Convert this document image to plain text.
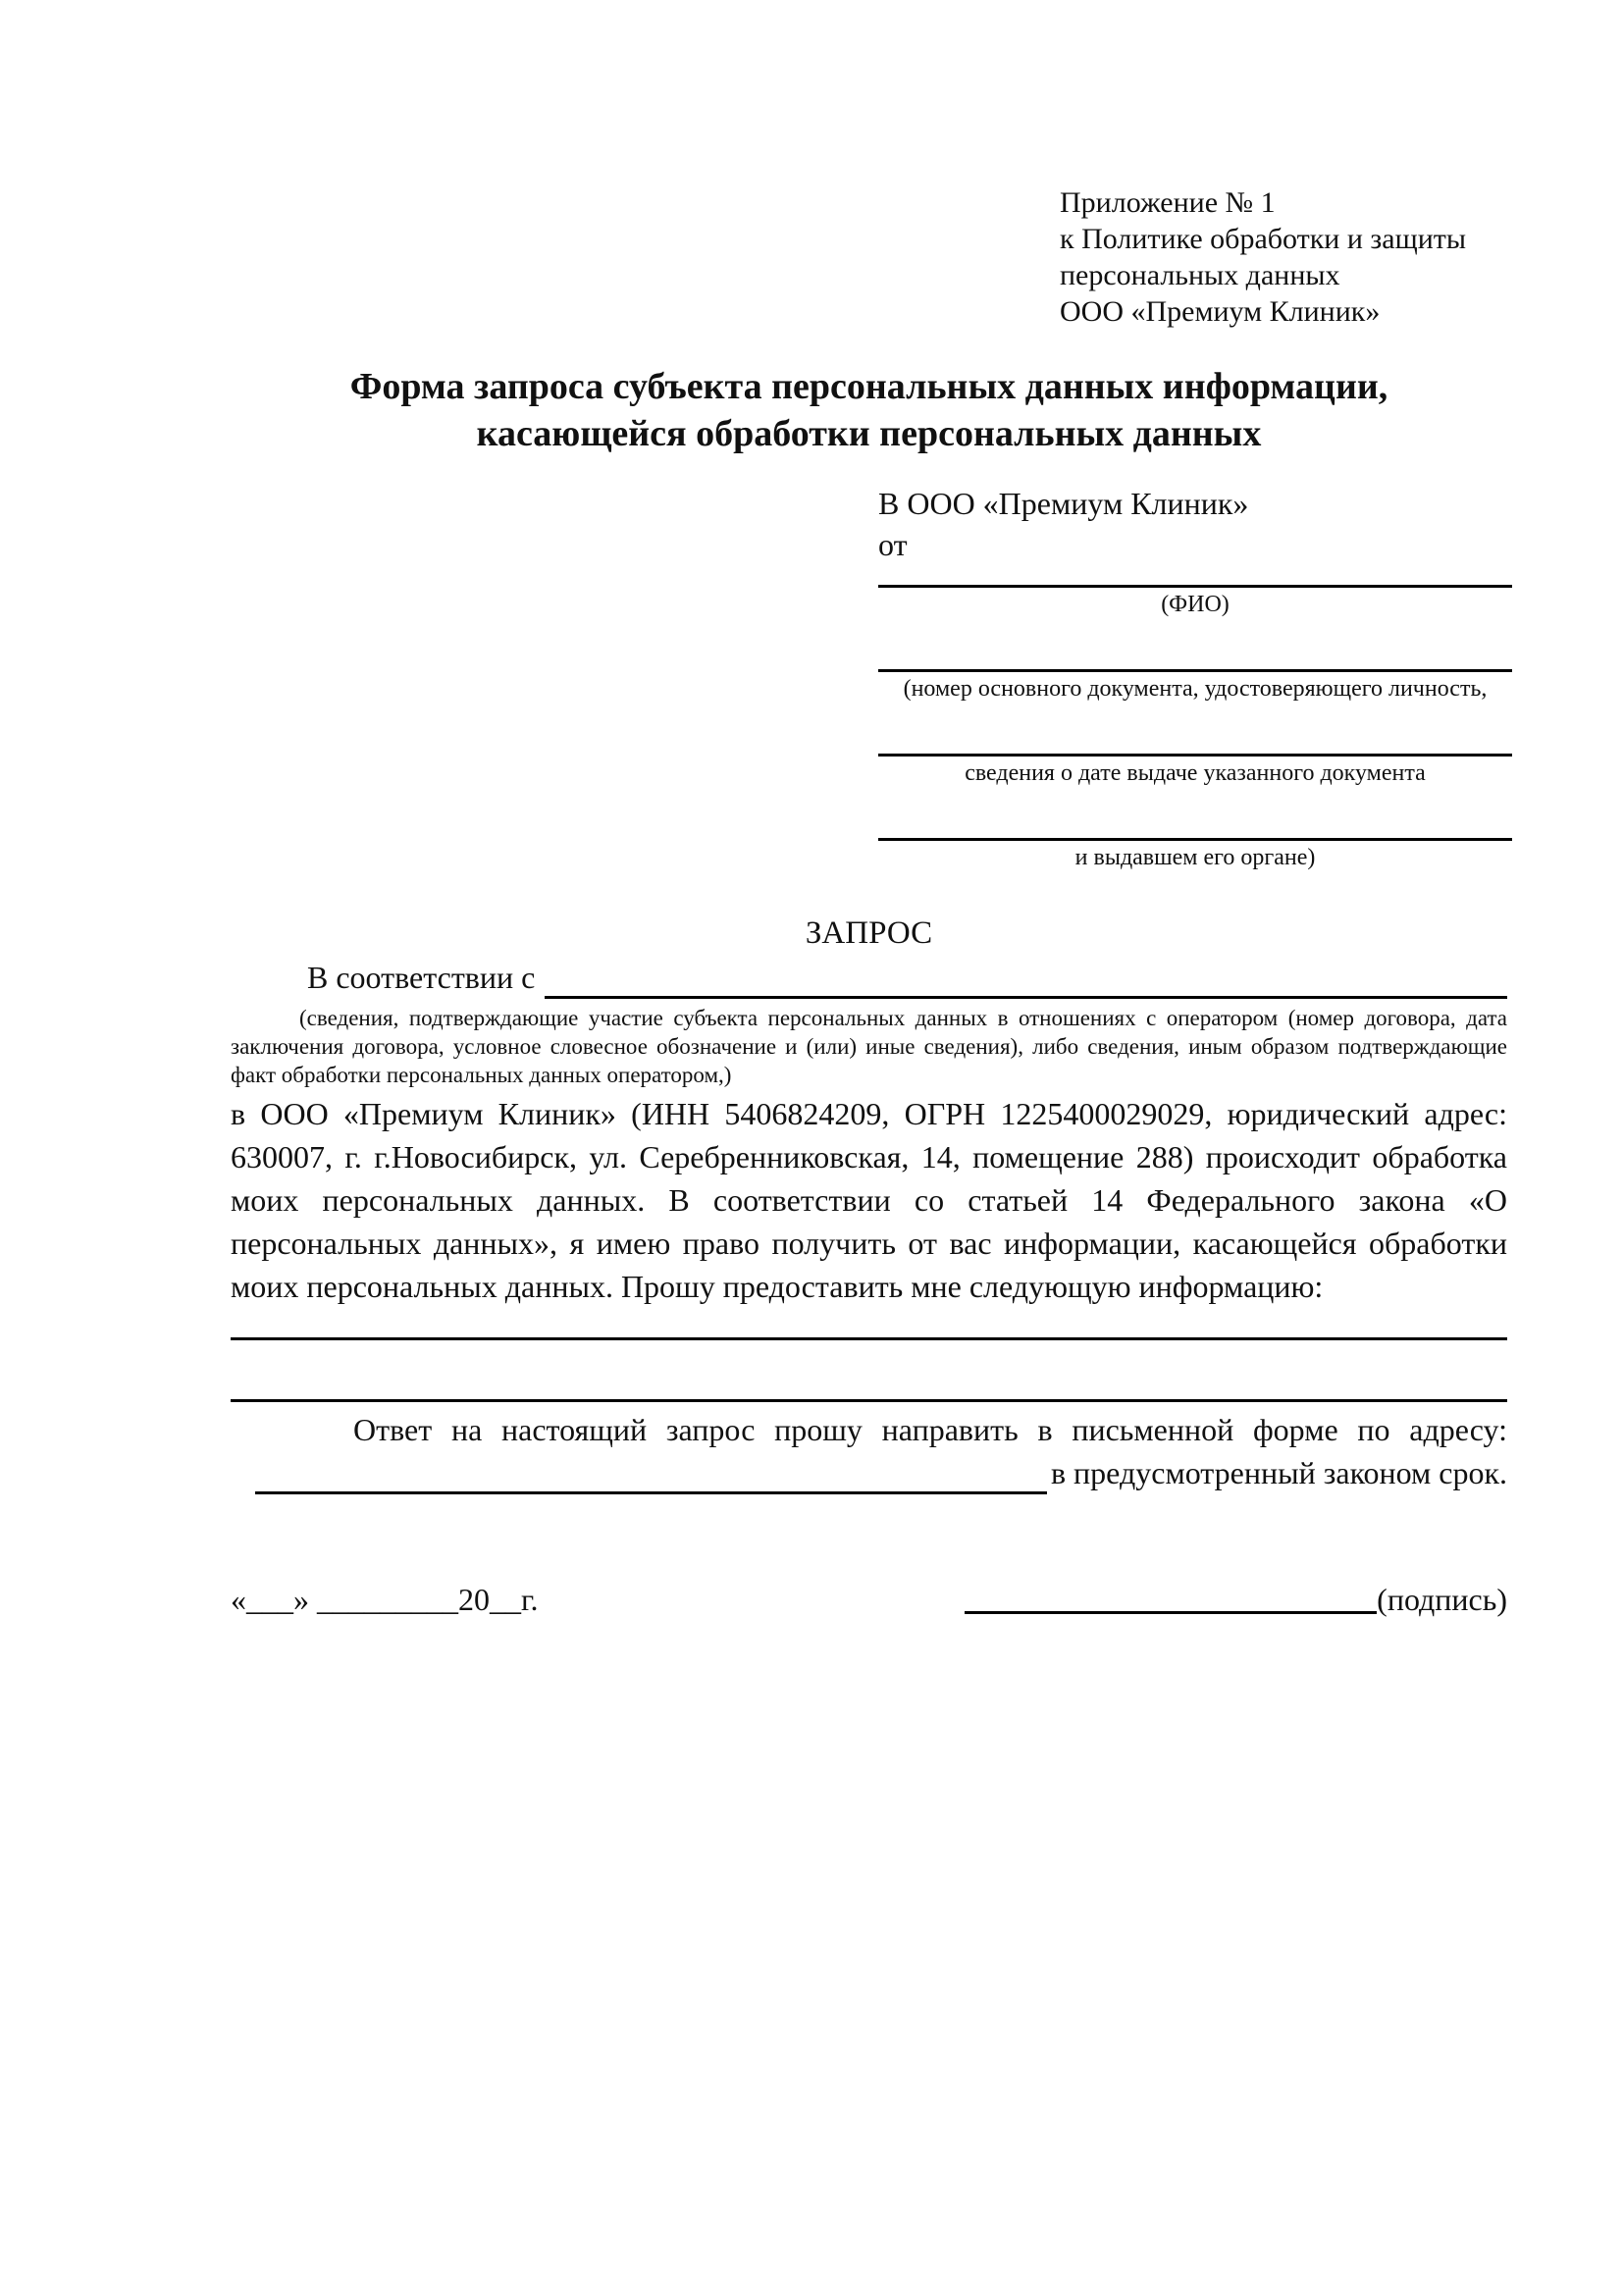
Приложение № 1
к Политике обработки и защиты
персональных данных
ООО «Премиум Клиник»
Форма запроса субъекта персональных данных информации,
касающейся обработки персональных данных
В ООО «Премиум Клиник»
от
(ФИО)
(номер основного документа, удостоверяющего личность,
сведения о дате выдаче указанного документа
и выдавшем его органе)
ЗАПРОС
В соответствии с
(сведения, подтверждающие участие субъекта персональных данных в отношениях с оператором (номер договора, дата заключения договора, условное словесное обозначение и (или) иные сведения), либо сведения, иным образом подтверждающие факт обработки персональных данных оператором,)

в ООО «Премиум Клиник» (ИНН 5406824209, ОГРН 1225400029029, юридический адрес: 630007, г. г.Новосибирск, ул. Серебренниковская, 14, помещение 288) происходит обработка моих персональных данных. В соответствии со статьей 14 Федерального закона «О персональных данных», я имею право получить от вас информации, касающейся обработки моих персональных данных. Прошу предоставить мне следующую информацию:

Ответ на настоящий запрос прошу направить в письменной форме по адресу:
в предусмотренный законом срок.
«___» _________20__г.	(подпись)
